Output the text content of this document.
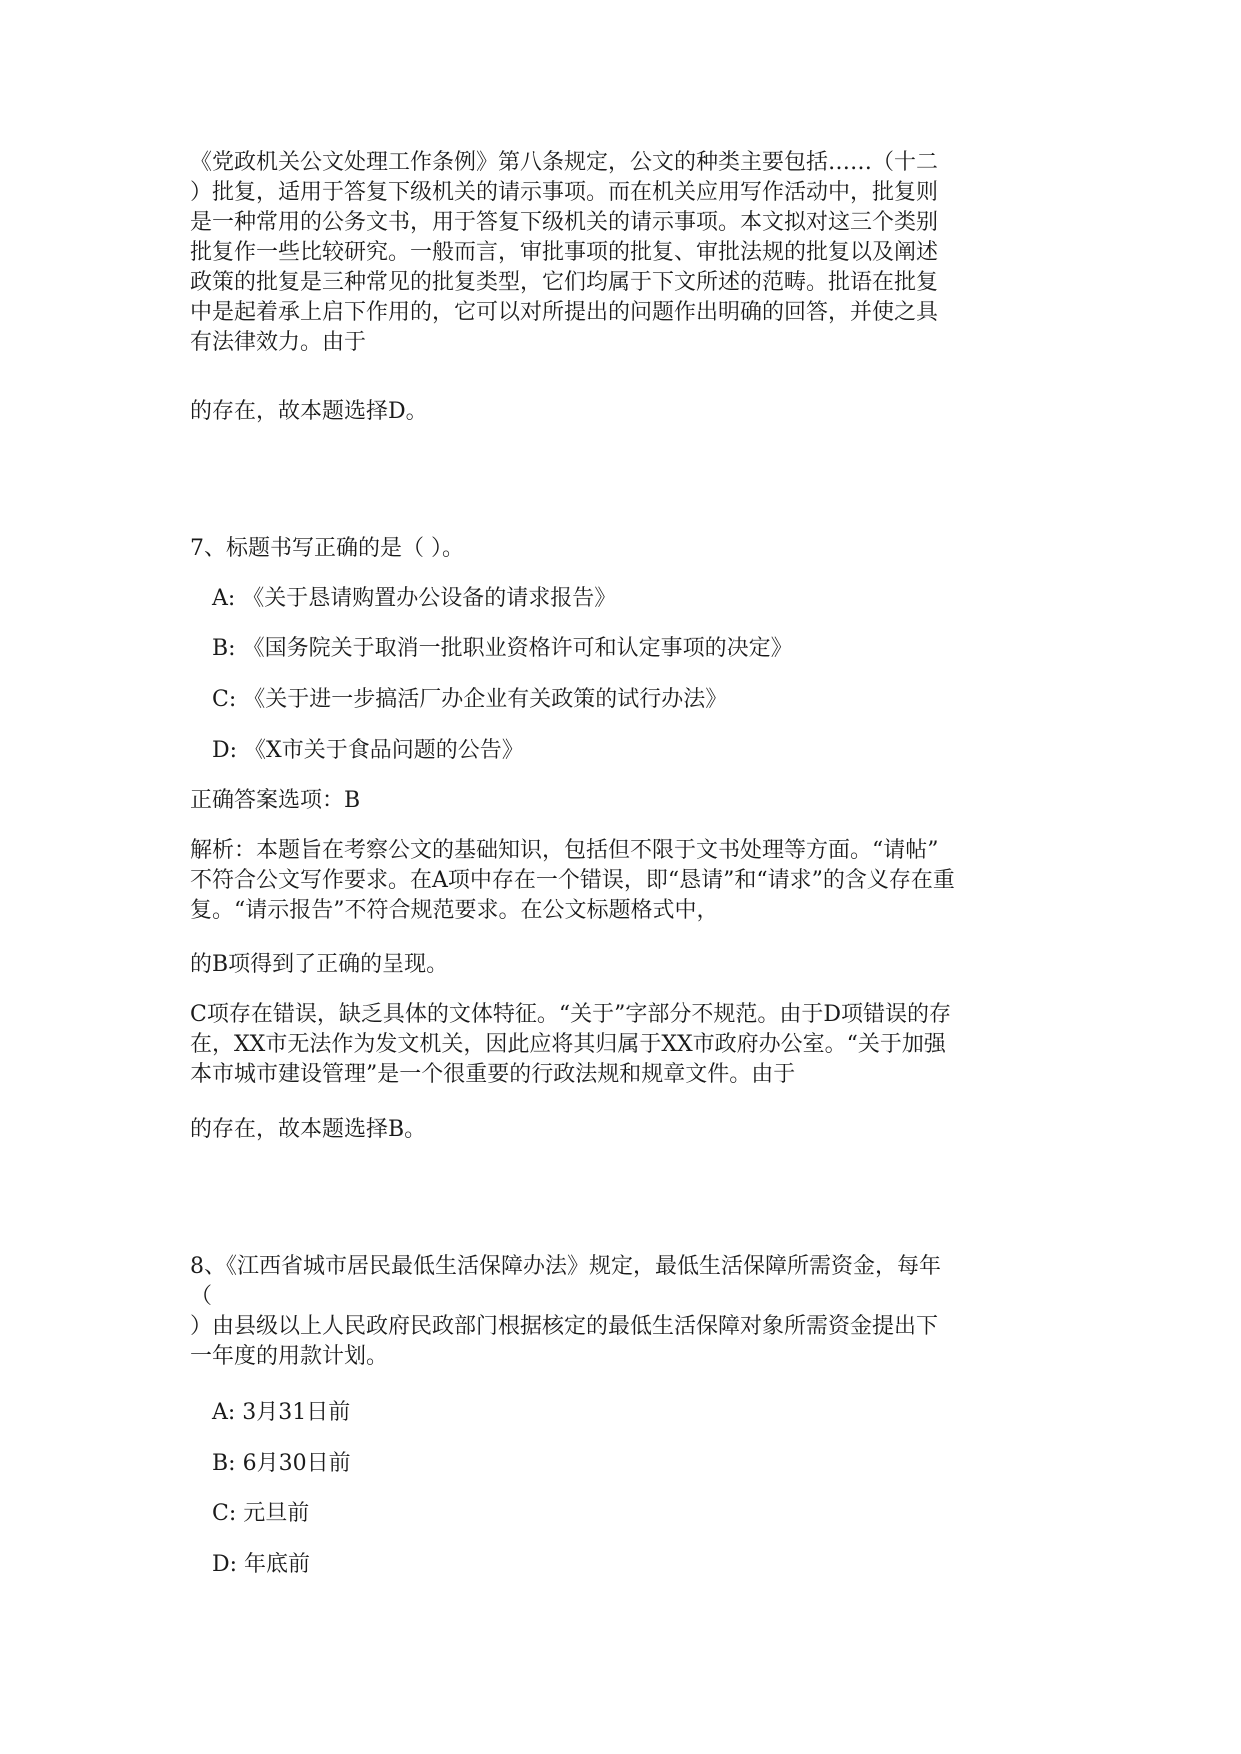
《党政机关公文处理工作条例》第八条规定，公文的种类主要包括……（十二
）批复，适用于答复下级机关的请示事项。而在机关应用写作活动中，批复则
是一种常用的公务文书，用于答复下级机关的请示事项。本文拟对这三个类别
批复作一些比较研究。一般而言，审批事项的批复、审批法规的批复以及阐述
政策的批复是三种常见的批复类型，它们均属于下文所述的范畴。批语在批复
中是起着承上启下作用的，它可以对所提出的问题作出明确的回答，并使之具
有法律效力。由于

的存在，故本题选择D。

7、标题书写正确的是（ ）。

A: 《关于恳请购置办公设备的请求报告》

B: 《国务院关于取消一批职业资格许可和认定事项的决定》

C: 《关于进一步搞活厂办企业有关政策的试行办法》

D: 《X市关于食品问题的公告》

正确答案选项：B

解析：本题旨在考察公文的基础知识，包括但不限于文书处理等方面。“请帖”
不符合公文写作要求。在A项中存在一个错误，即“恳请”和“请求”的含义存在重
复。“请示报告”不符合规范要求。在公文标题格式中，

的B项得到了正确的呈现。

C项存在错误，缺乏具体的文体特征。“关于”字部分不规范。由于D项错误的存
在，XX市无法作为发文机关，因此应将其归属于XX市政府办公室。“关于加强
本市城市建设管理”是一个很重要的行政法规和规章文件。由于

的存在，故本题选择B。

8、《江西省城市居民最低生活保障办法》规定，最低生活保障所需资金，每年
（
）由县级以上人民政府民政部门根据核定的最低生活保障对象所需资金提出下
一年度的用款计划。

A: 3月31日前

B: 6月30日前

C: 元旦前

D: 年底前
